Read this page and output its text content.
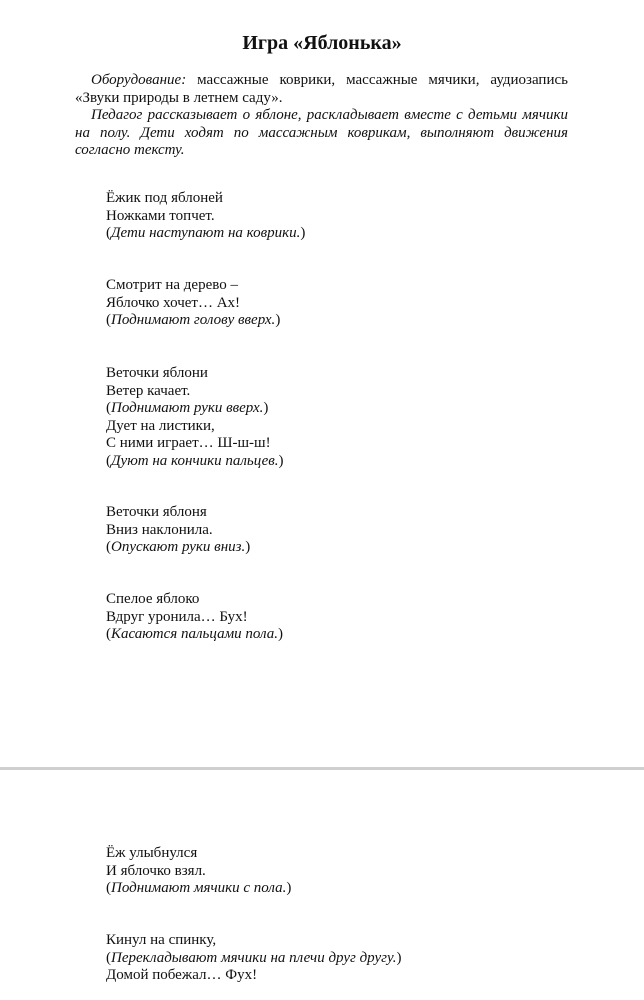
Игра «Яблонька»

Оборудование: массажные коврики, массажные мячики, аудиозапись «Звуки природы в летнем саду».

Педагог рассказывает о яблоне, раскладывает вместе с детьми мячики на полу. Дети ходят по массажным коврикам, выполняют движения согласно тексту.

Ёжик под яблоней
Ножками топчет.
(Дети наступают на коврики.)
Смотрит на дерево –
Яблочко хочет… Ах!
(Поднимают голову вверх.)
Веточки яблони
Ветер качает.
(Поднимают руки вверх.)
Дует на листики,
С ними играет… Ш-ш-ш!
(Дуют на кончики пальцев.)
Веточки яблоня
Вниз наклонила.
(Опускают руки вниз.)
Спелое яблоко
Вдруг уронила… Бух!
(Касаются пальцами пола.)
Ёж улыбнулся
И яблочко взял.
(Поднимают мячики с пола.)
Кинул на спинку,
(Перекладывают мячики на плечи друг другу.)
Домой побежал… Фух!
